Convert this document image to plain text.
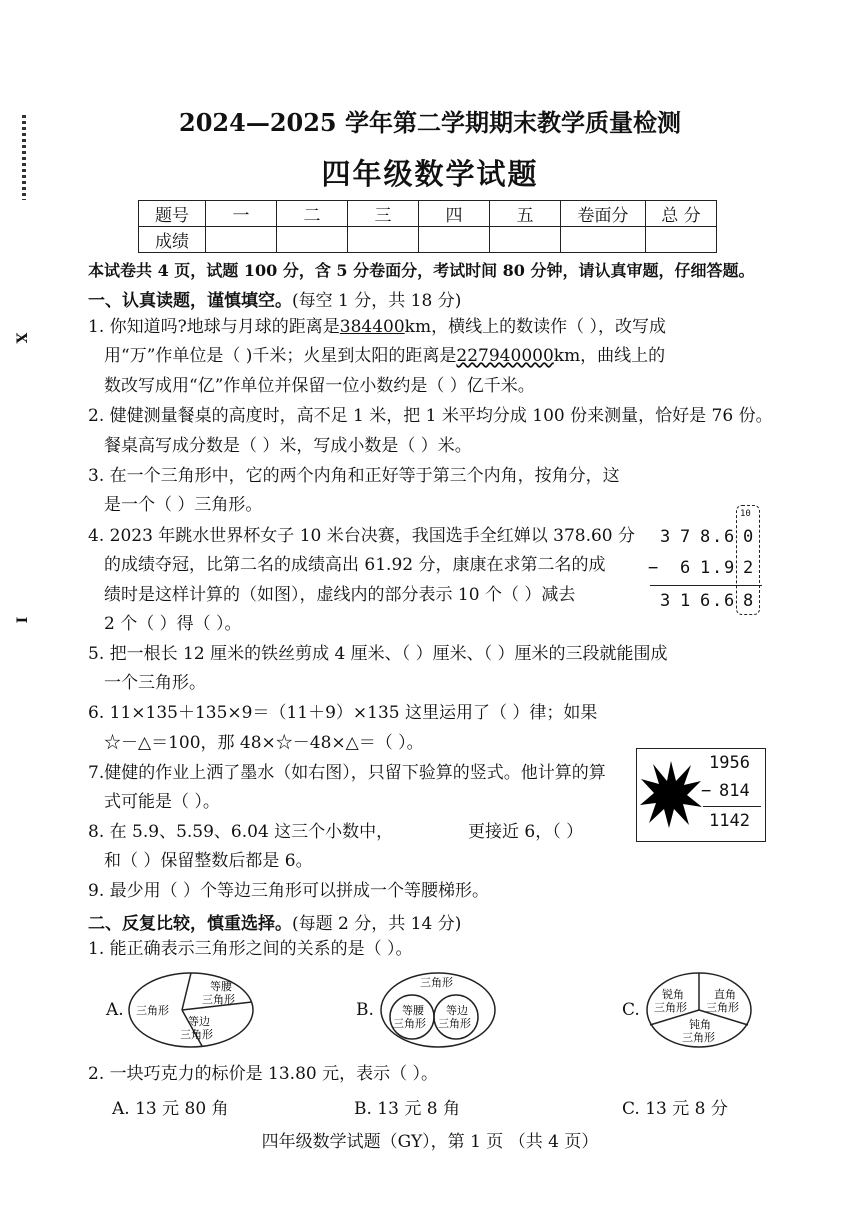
X
I
2024—2025 学年第二学期期末教学质量检测
四年级数学试题
题号	一	二	三	四	五	卷面分	总 分
成绩							
本试卷共 4 页，试题 100 分，含 5 分卷面分，考试时间 80 分钟，请认真审题，仔细答题。
一、认真读题，谨慎填空。(每空 1 分，共 18 分)
1. 你知道吗?地球与月球的距离是384400km，横线上的数读作（ ），改写成
用“万”作单位是（ )千米；火星到太阳的距离是227940000km，曲线上的
数改写成用“亿”作单位并保留一位小数约是（ ）亿千米。
2. 健健测量餐桌的高度时，高不足 1 米，把 1 米平均分成 100 份来测量，恰好是 76 份。
餐桌高写成分数是（ ）米，写成小数是（ ）米。
3. 在一个三角形中，它的两个内角和正好等于第三个内角，按角分，这
是一个（ ）三角形。
4. 2023 年跳水世界杯女子 10 米台决赛，我国选手全红婵以 378.60 分
的成绩夺冠，比第二名的成绩高出 61.92 分，康康在求第二名的成
绩时是这样计算的（如图），虚线内的部分表示 10 个（ ）减去
2 个（ ）得（ ）。
10
3 7 8 . 6 0
− 6 1 . 9 2
3 1 6 . 6 8
5. 把一根长 12 厘米的铁丝剪成 4 厘米、（ ）厘米、（ ）厘米的三段就能围成
一个三角形。
6. 11×135＋135×9＝（11＋9）×135 这里运用了（ ）律；如果
☆－△＝100，那 48×☆－48×△＝（ ）。
7.健健的作业上洒了墨水（如右图），只留下验算的竖式。他计算的算
式可能是（ ）。
1956
− 814
1142
8. 在 5.9、5.59、6.04 这三个小数中，	更接近 6，（ ）
和（ ）保留整数后都是 6。
9. 最少用（ ）个等边三角形可以拼成一个等腰梯形。
二、反复比较，慎重选择。(每题 2 分，共 14 分)
1. 能正确表示三角形之间的关系的是（ ）。
A. 三角形
等腰
三角形
等边
三角形
B.
三角形
等腰
三角形
等边
三角形
C.
锐角
三角形
直角
三角形
钝角
三角形
2. 一块巧克力的标价是 13.80 元，表示（ ）。
A. 13 元 80 角	B. 13 元 8 角	C. 13 元 8 分
四年级数学试题（GY），第 1 页 （共 4 页）
